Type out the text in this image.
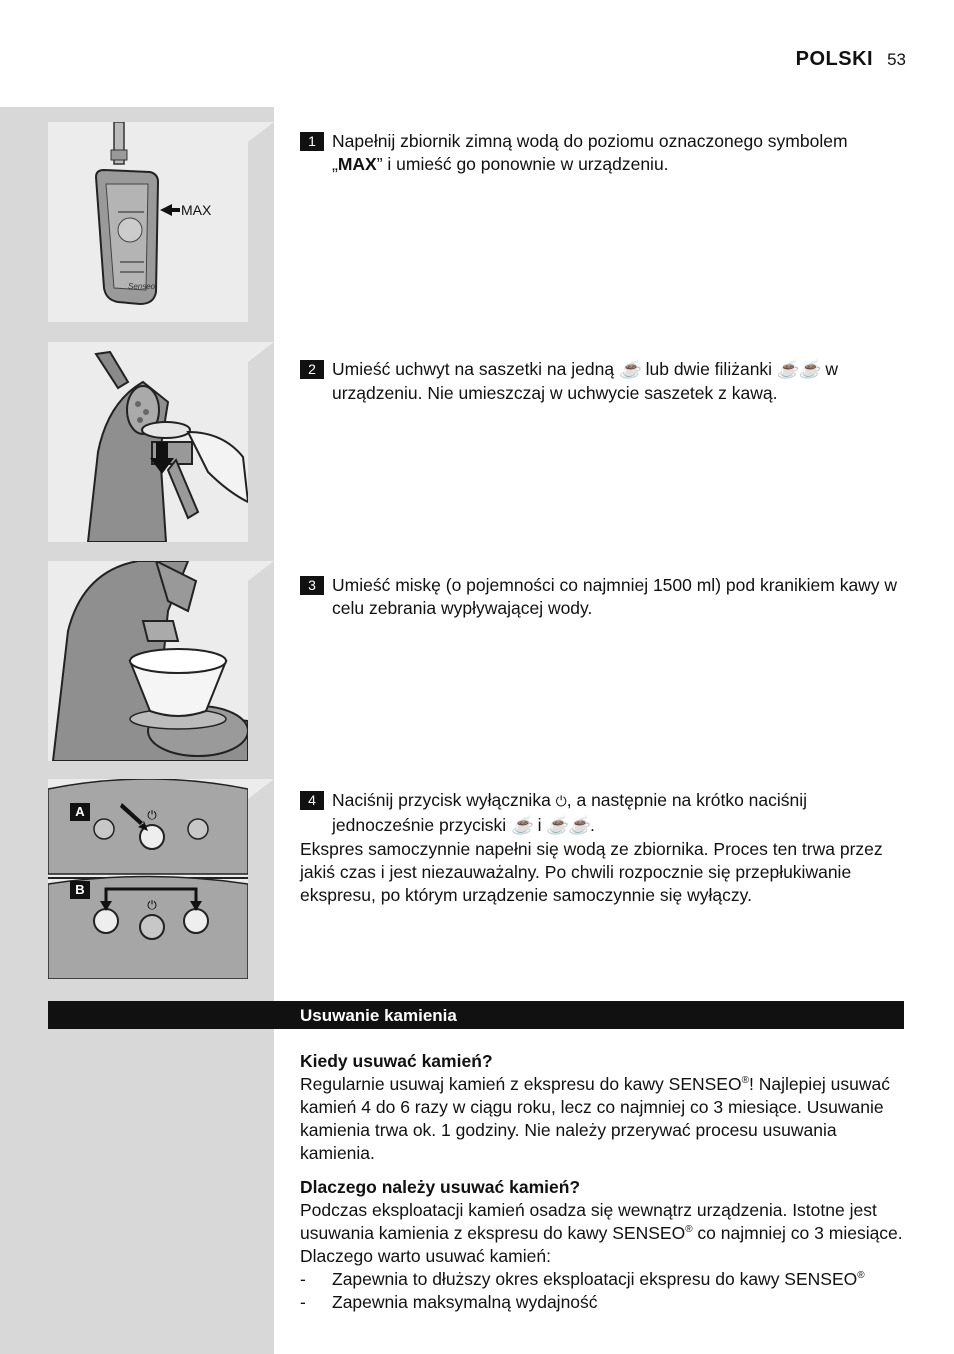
POLSKI 53
MAX
Senseo
⏻
⏻
A
B
1 Napełnij zbiornik zimną wodą do poziomu oznaczonego symbolem
„MAX” i umieść go ponownie w urządzeniu.
2 Umieść uchwyt na saszetki na jedną ☕ lub dwie filiżanki ☕☕ w urządzeniu. Nie umieszczaj w uchwycie saszetek z kawą.
3 Umieść miskę (o pojemności co najmniej 1500 ml) pod kranikiem kawy w celu zebrania wypływającej wody.
4 Naciśnij przycisk wyłącznika ⏻, a następnie na krótko naciśnij jednocześnie przyciski ☕ i ☕☕.

Ekspres samoczynnie napełni się wodą ze zbiornika. Proces ten trwa przez jakiś czas i jest niezauważalny. Po chwili rozpocznie się przepłukiwanie ekspresu, po którym urządzenie samoczynnie się wyłączy.

Usuwanie kamienia
Kiedy usuwać kamień?

Regularnie usuwaj kamień z ekspresu do kawy SENSEO®! Najlepiej usuwać kamień 4 do 6 razy w ciągu roku, lecz co najmniej co 3 miesiące. Usuwanie kamienia trwa ok. 1 godziny. Nie należy przerywać procesu usuwania kamienia.

Dlaczego należy usuwać kamień?

Podczas eksploatacji kamień osadza się wewnątrz urządzenia. Istotne jest usuwania kamienia z ekspresu do kawy SENSEO® co najmniej co 3 miesiące. Dlaczego warto usuwać kamień:

-	Zapewnia to dłuższy okres eksploatacji ekspresu do kawy SENSEO®
-	Zapewnia maksymalną wydajność
